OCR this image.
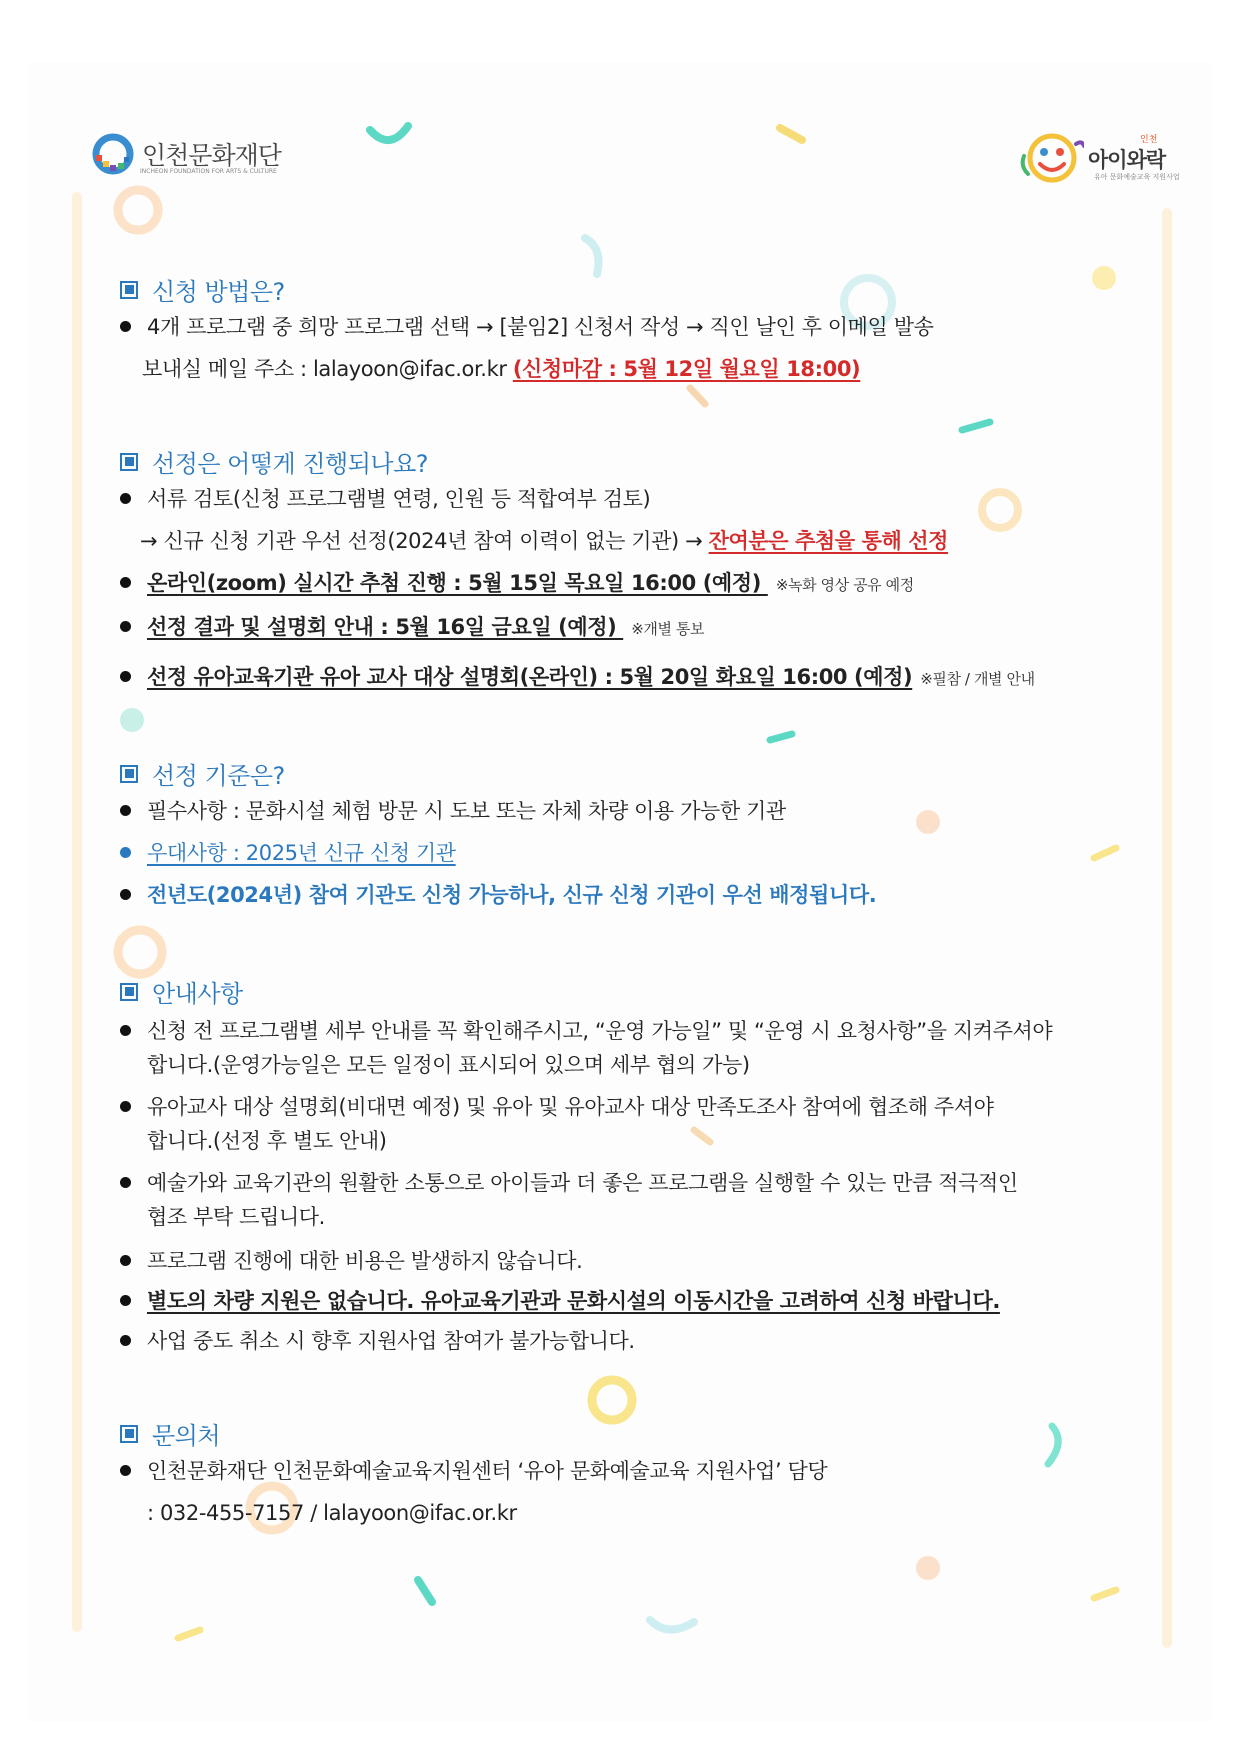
인천문화재단
INCHEON FOUNDATION FOR ARTS & CULTURE
인천
아이와락
유아 문화예술교육 지원사업
신청 방법은?
4개 프로그램 중 희망 프로그램 선택 → [붙임2] 신청서 작성 → 직인 날인 후 이메일 발송
보내실 메일 주소 : lalayoon@ifac.or.kr (신청마감 : 5월 12일 월요일 18:00)
선정은 어떻게 진행되나요?
서류 검토(신청 프로그램별 연령, 인원 등 적합여부 검토)
→ 신규 신청 기관 우선 선정(2024년 참여 이력이 없는 기관) → 잔여분은 추첨을 통해 선정
온라인(zoom) 실시간 추첨 진행 : 5월 15일 목요일 16:00 (예정) ※녹화 영상 공유 예정
선정 결과 및 설명회 안내 : 5월 16일 금요일 (예정) ※개별 통보
선정 유아교육기관 유아 교사 대상 설명회(온라인) : 5월 20일 화요일 16:00 (예정) ※필참 / 개별 안내
선정 기준은?
필수사항 : 문화시설 체험 방문 시 도보 또는 자체 차량 이용 가능한 기관
우대사항 : 2025년 신규 신청 기관
전년도(2024년) 참여 기관도 신청 가능하나, 신규 신청 기관이 우선 배정됩니다.
안내사항
신청 전 프로그램별 세부 안내를 꼭 확인해주시고, “운영 가능일” 및 “운영 시 요청사항”을 지켜주셔야
합니다.(운영가능일은 모든 일정이 표시되어 있으며 세부 협의 가능)
유아교사 대상 설명회(비대면 예정) 및 유아 및 유아교사 대상 만족도조사 참여에 협조해 주셔야
합니다.(선정 후 별도 안내)
예술가와 교육기관의 원활한 소통으로 아이들과 더 좋은 프로그램을 실행할 수 있는 만큼 적극적인
협조 부탁 드립니다.
프로그램 진행에 대한 비용은 발생하지 않습니다.
별도의 차량 지원은 없습니다. 유아교육기관과 문화시설의 이동시간을 고려하여 신청 바랍니다.
사업 중도 취소 시 향후 지원사업 참여가 불가능합니다.
문의처
인천문화재단 인천문화예술교육지원센터 ‘유아 문화예술교육 지원사업’ 담당
: 032-455-7157 / lalayoon@ifac.or.kr
